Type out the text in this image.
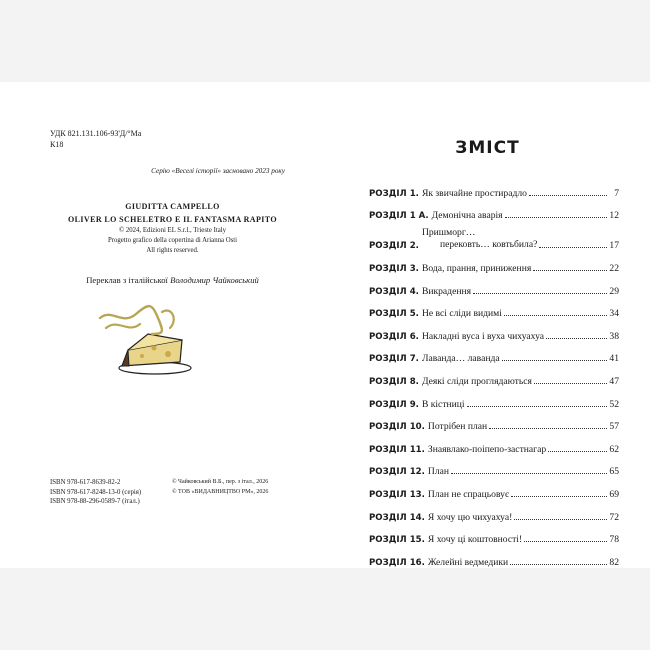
УДК 821.131.106-93'Д/°Ма
К18
Серію «Веселі історії» засновано 2023 року
GIUDITTA CAMPELLO
OLIVER LO SCHELETRO E IL FANTASMA RAPITO
© 2024, Edizioni EL S.r.l., Trieste Italy
Progetto grafico della copertina di Arianna Osti
All rights reserved.
Переклав з італійської Володимир Чайковський
ISBN 978-617-8639-82-2
ISBN 978-617-8248-13-0 (серія)
ISBN 978-88-296-0589-7 (італ.)
© Чайковський В.Б., пер. з італ., 2026
© ТОВ «ВИДАВНИЦТВО РМ», 2026
ЗМІСТ
РОЗДІЛ 1. Як звичайне простирадло	7
РОЗДІЛ 1 А. Демонічна аварія	12
РОЗДІЛ 2.
Пришморг…
перековть… ковтьбила?	17
РОЗДІЛ 3. Вода, прання, приниження	22
РОЗДІЛ 4. Викрадення	29
РОЗДІЛ 5. Не всі сліди видимі	34
РОЗДІЛ 6. Накладні вуса і вуха чихуахуа	38
РОЗДІЛ 7. Лаванда… лаванда	41
РОЗДІЛ 8. Деякі сліди проглядаються	47
РОЗДІЛ 9. В кістниці	52
РОЗДІЛ 10. Потрібен план	57
РОЗДІЛ 11. Знаявлако-поіпепо-застнагар	62
РОЗДІЛ 12. План	65
РОЗДІЛ 13. План не спрацьовує	69
РОЗДІЛ 14. Я хочу цю чихуахуа!	72
РОЗДІЛ 15. Я хочу ці коштовності!	78
РОЗДІЛ 16. Желейні ведмедики	82
